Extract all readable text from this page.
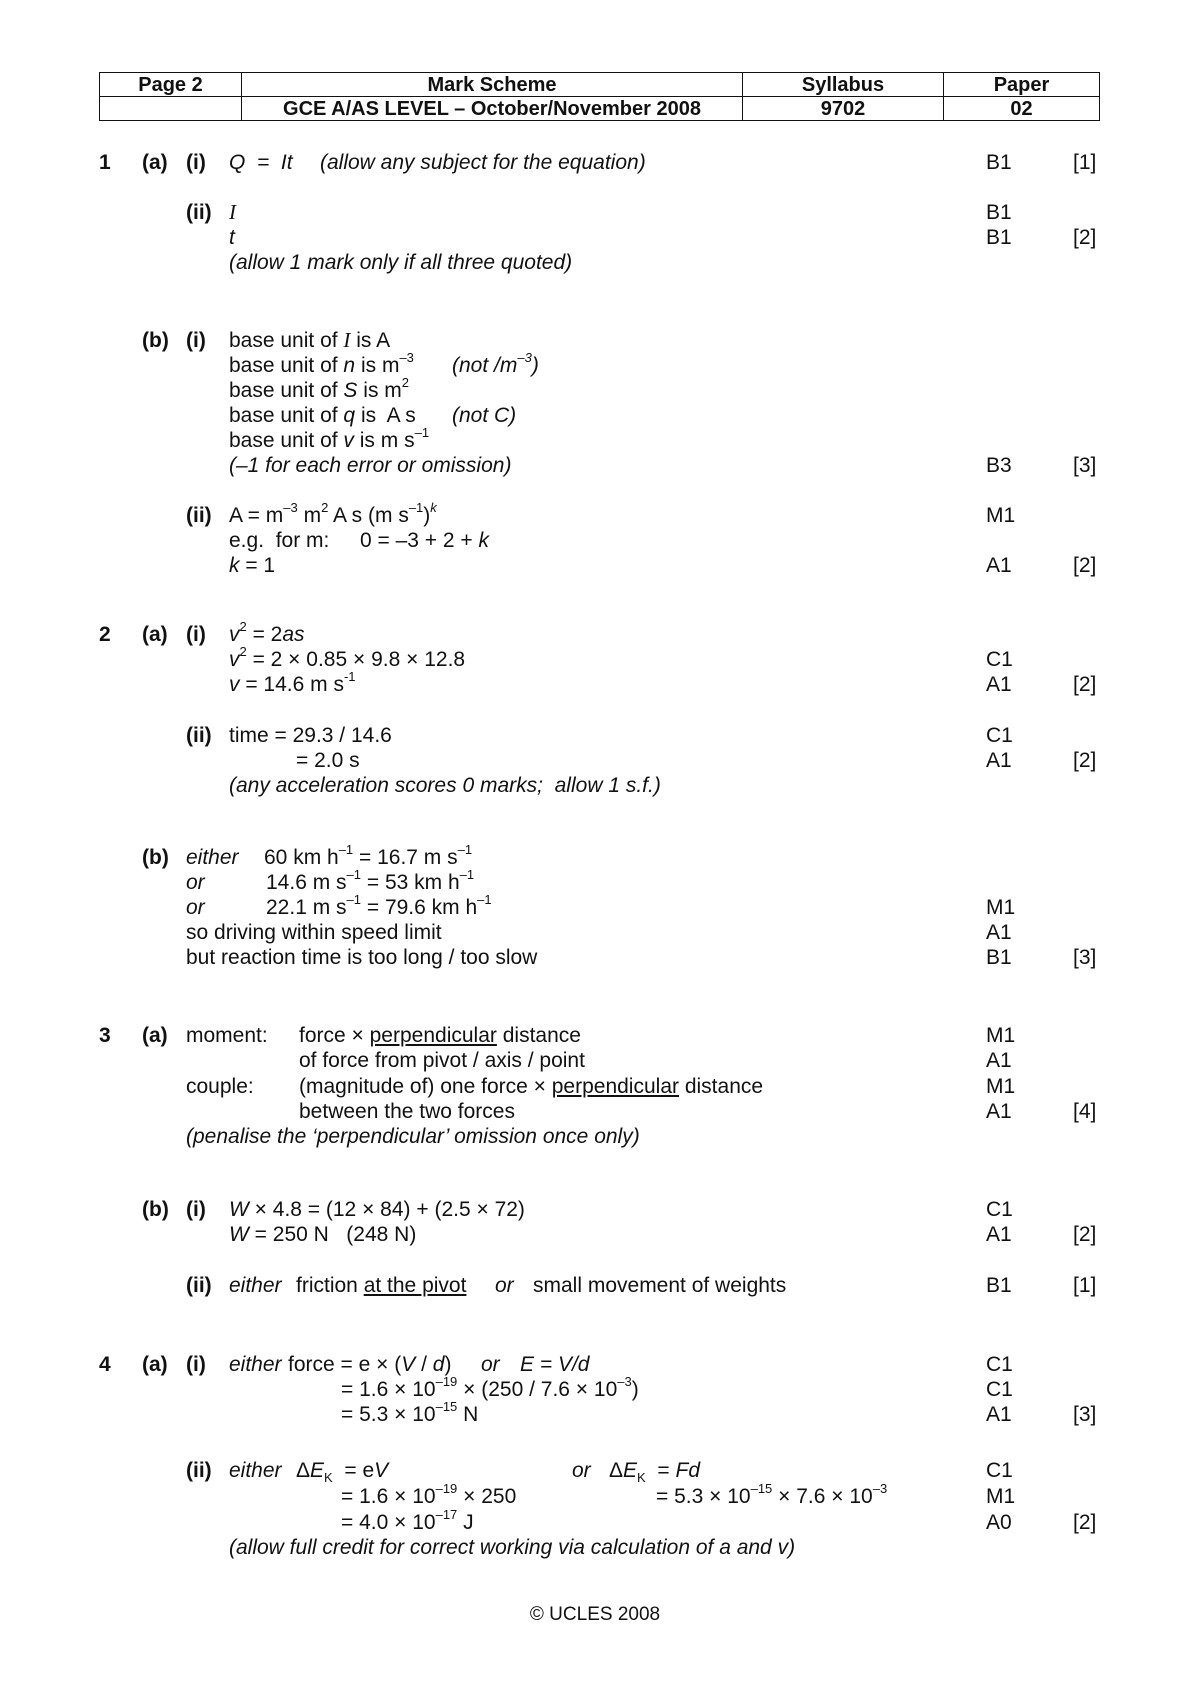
Page 2	Mark Scheme	Syllabus	Paper
	GCE A/AS LEVEL – October/November 2008	9702	02
1 (a) (i) Q  =  It (allow any subject for the equation)	B1	[1]
(ii) I	B1
t	B1	[2]
(allow 1 mark only if all three quoted)
(b) (i) base unit of I is A
base unit of n is $m^{-3}$ (not $/m^{-3}$)
base unit of S is $m^2$
base unit of q is  A s (not C)
base unit of v is m $s^{-1}$
(–1 for each error or omission)	B3	[3]
(ii) $A = m^{-3}$ $m^2$ A s (m $s^{-1})^k$	M1
e.g.  for m: 0 = –3 + 2 + k
k = 1	A1	[2]
2 (a) (i) $v^2 = 2as$
$v^2 = 2 \times 0.85 \times 9.8 \times 12.8$	C1
v = 14.6 m $s^{-1}$	A1	[2]
(ii) time = 29.3 / 14.6	C1
= 2.0 s	A1	[2]
(any acceleration scores 0 marks;  allow 1 s.f.)
(b) either 60 km $h^{-1} = 16.7$ m $s^{-1}$
or	14.6 m $s^{-1} = 53$ km $h^{-1}$
or	22.1 m $s^{-1} = 79.6$ km $h^{-1}$	M1
so driving within speed limit	A1
but reaction time is too long / too slow	B1	[3]
3 (a) moment: force × perpendicular distance	M1
of force from pivot / axis / point	A1
couple: (magnitude of) one force × perpendicular distance	M1
between the two forces	A1	[4]
(penalise the ‘perpendicular’ omission once only)
(b) (i) W × 4.8 = (12 × 84) + (2.5 × 72)	C1
W = 250 N   (248 N)	A1	[2]
(ii) either friction at the pivot or small movement of weights	B1	[1]
4 (a) (i) either force = e × (V / d) or E = V/d	C1
= $1.6 \times 10^{-19} \times (250 / 7.6 \times 10^{-3})$	C1
= $5.3 \times 10^{-15}$ N	A1	[3]
(ii) either $\Delta E_K$  = eV	or $\Delta E_K = Fd$	C1
= $1.6 \times 10^{-19} \times 250$	= $5.3 \times 10^{-15} \times 7.6 \times 10^{-3}$	M1
= $4.0 \times 10^{-17}$ J	A0	[2]
(allow full credit for correct working via calculation of a and v)
© UCLES 2008
